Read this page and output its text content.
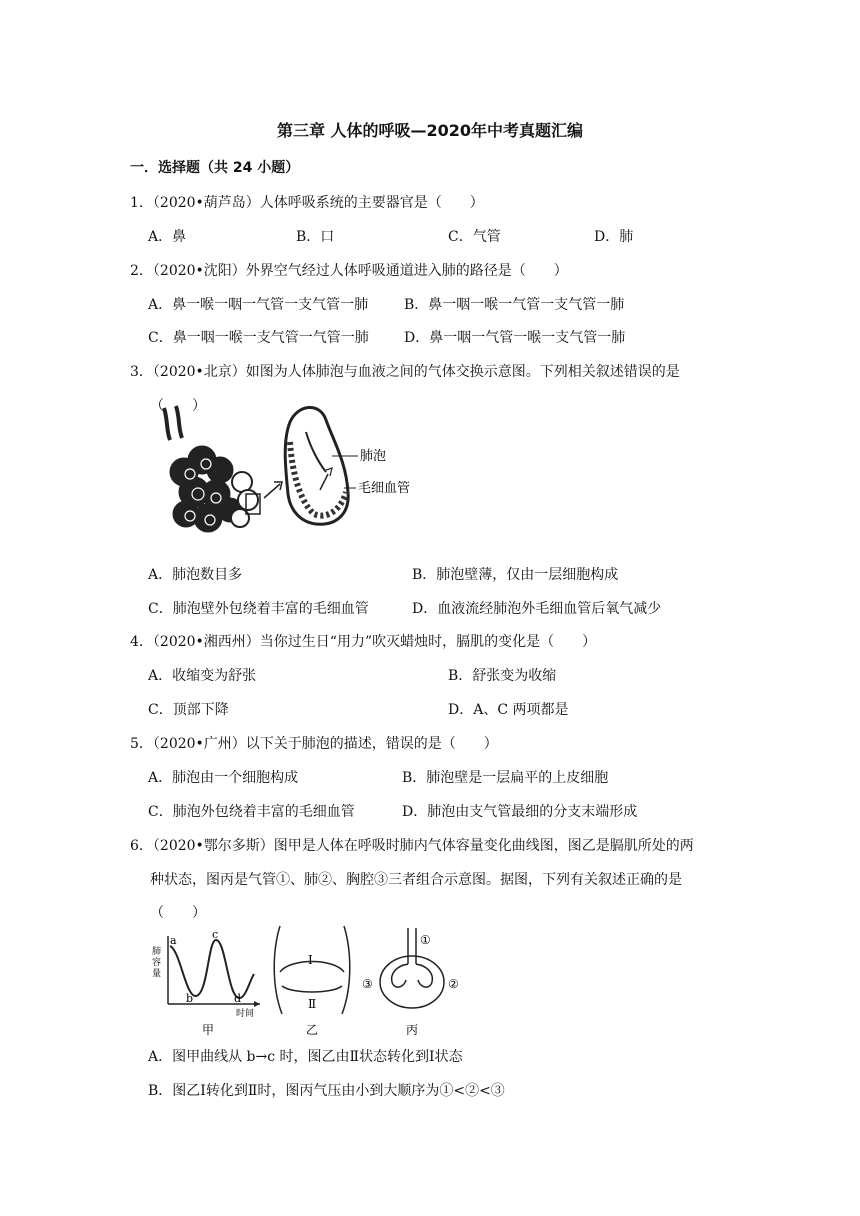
第三章 人体的呼吸—2020年中考真题汇编
一．选择题（共 24 小题）
1．（2020•葫芦岛）人体呼吸系统的主要器官是（　　）
A．鼻	B．口	C．气管	D．肺
2．（2020•沈阳）外界空气经过人体呼吸通道进入肺的路径是（　　）
A．鼻一喉一咽一气管一支气管一肺	B．鼻一咽一喉一气管一支气管一肺
C．鼻一咽一喉一支气管一气管一肺	D．鼻一咽一气管一喉一支气管一肺
3．（2020•北京）如图为人体肺泡与血液之间的气体交换示意图。下列相关叙述错误的是
（　　）
肺泡
毛细血管
A．肺泡数目多	B．肺泡壁薄，仅由一层细胞构成
C．肺泡壁外包绕着丰富的毛细血管	D．血液流经肺泡外毛细血管后氧气减少
4．（2020•湘西州）当你过生日“用力”吹灭蜡烛时，膈肌的变化是（　　）
A．收缩变为舒张	B．舒张变为收缩
C．顶部下降	D．A、C 两项都是
5．（2020•广州）以下关于肺泡的描述，错误的是（　　）
A．肺泡由一个细胞构成	B．肺泡壁是一层扁平的上皮细胞
C．肺泡外包绕着丰富的毛细血管	D．肺泡由支气管最细的分支末端形成
6．（2020•鄂尔多斯）图甲是人体在呼吸时肺内气体容量变化曲线图，图乙是膈肌所处的两
种状态，图丙是气管①、肺②、胸腔③三者组合示意图。据图，下列有关叙述正确的是
（　　）
肺
容
量
a
b
c
d
时间
甲
Ⅰ
Ⅱ
乙
①
②
③
丙
A．图甲曲线从 b→c 时，图乙由Ⅱ状态转化到Ⅰ状态
B．图乙Ⅰ转化到Ⅱ时，图丙气压由小到大顺序为①<②<③
